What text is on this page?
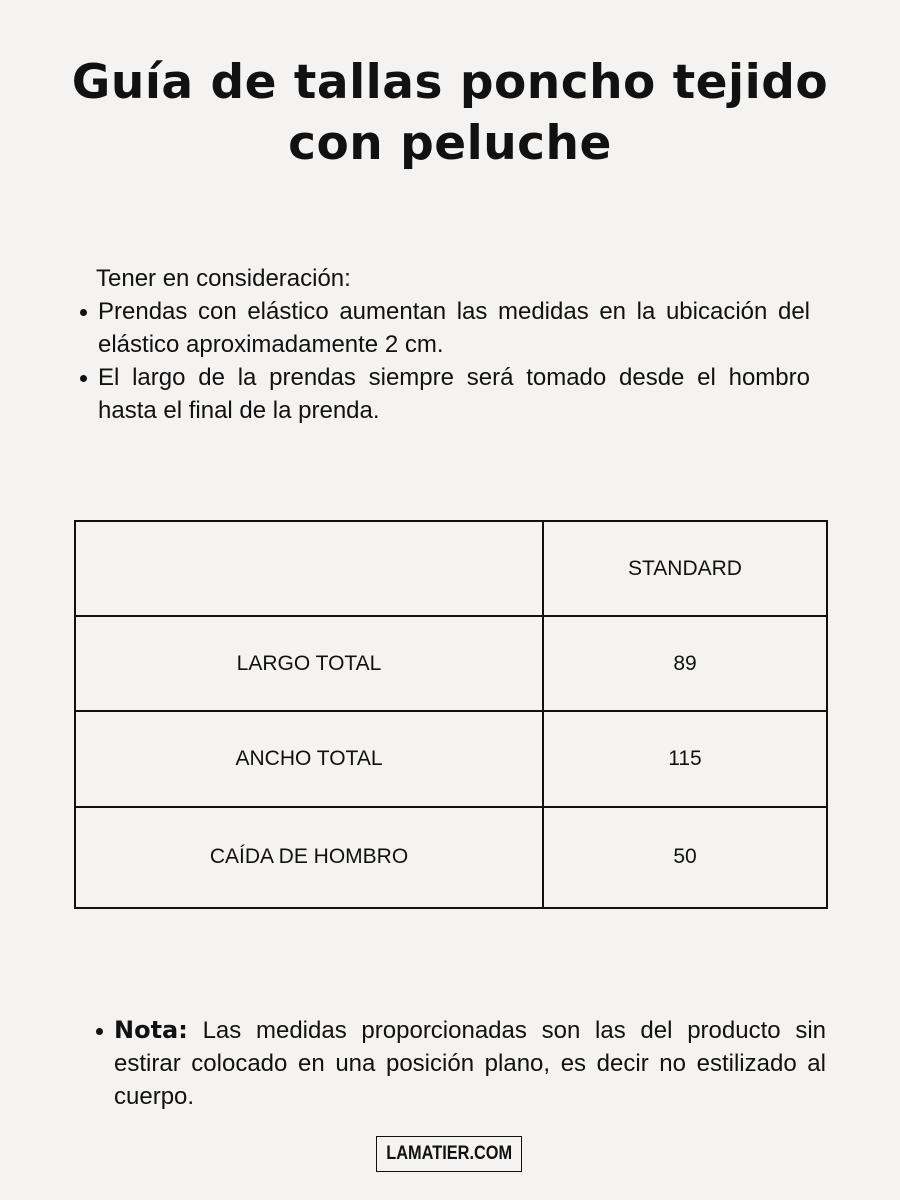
Guía de tallas poncho tejido
con peluche
Tener en consideración:
Prendas con elástico aumentan las medidas en la ubicación del elástico aproximadamente 2 cm.
El largo de la prendas siempre será tomado desde el hombro hasta el final de la prenda.
	STANDARD
LARGO TOTAL	89
ANCHO TOTAL	115
CAÍDA DE HOMBRO	50
Nota: Las medidas proporcionadas son las del producto sin estirar colocado en una posición plano, es decir no estilizado al cuerpo.
LAMATIER.COM
